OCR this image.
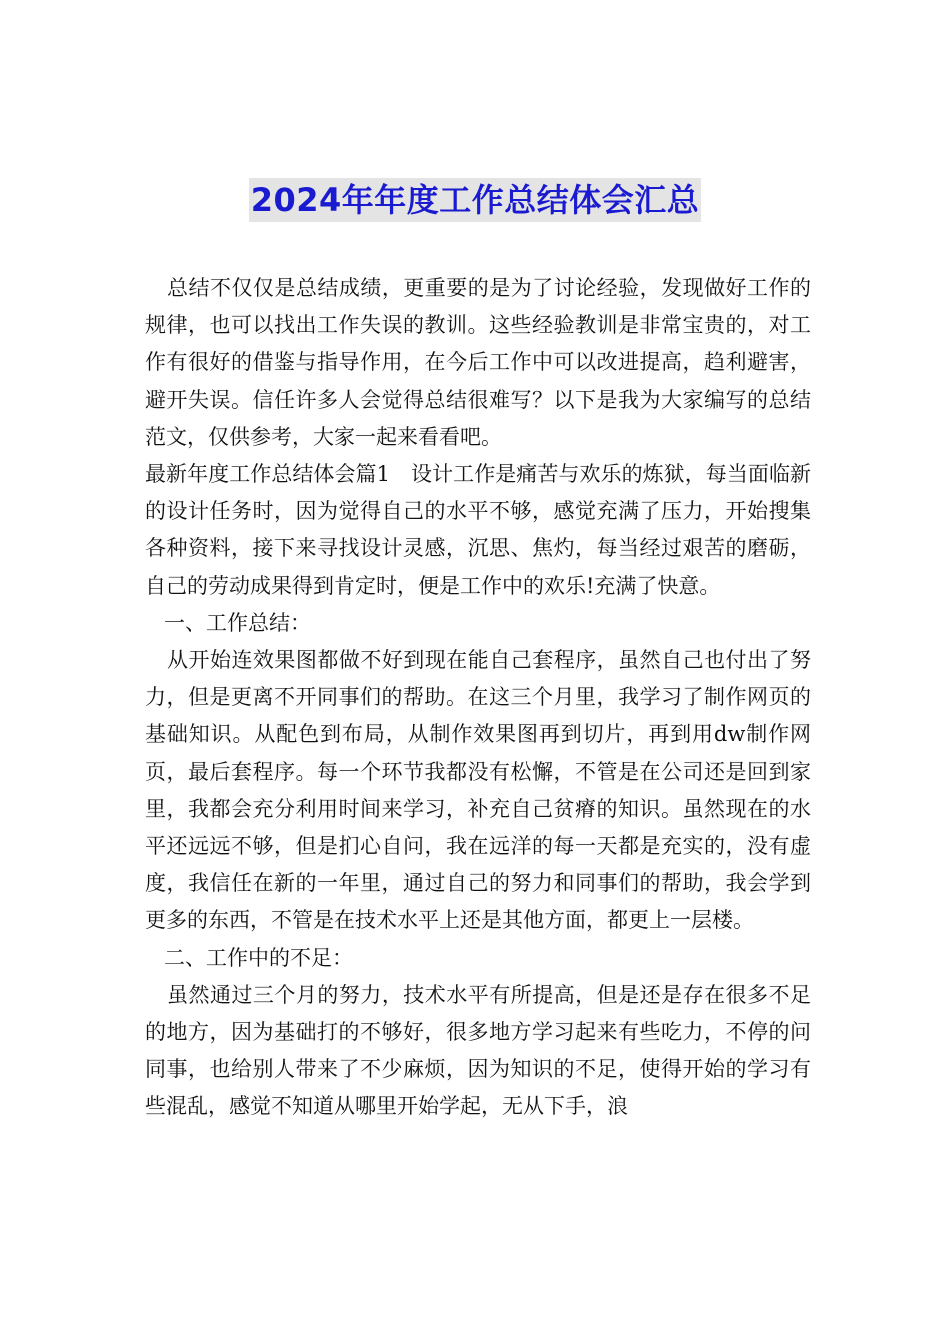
2024年年度工作总结体会汇总

总结不仅仅是总结成绩，更重要的是为了讨论经验，发现做好工作的规律，也可以找出工作失误的教训。这些经验教训是非常宝贵的，对工作有很好的借鉴与指导作用，在今后工作中可以改进提高，趋利避害，避开失误。信任许多人会觉得总结很难写？以下是我为大家编写的总结范文，仅供参考，大家一起来看看吧。

最新年度工作总结体会篇1　设计工作是痛苦与欢乐的炼狱，每当面临新的设计任务时，因为觉得自己的水平不够，感觉充满了压力，开始搜集各种资料，接下来寻找设计灵感，沉思、焦灼，每当经过艰苦的磨砺，自己的劳动成果得到肯定时，便是工作中的欢乐!充满了快意。

一、工作总结：

从开始连效果图都做不好到现在能自己套程序，虽然自己也付出了努力，但是更离不开同事们的帮助。在这三个月里，我学习了制作网页的基础知识。从配色到布局，从制作效果图再到切片，再到用dw制作网页，最后套程序。每一个环节我都没有松懈，不管是在公司还是回到家里，我都会充分利用时间来学习，补充自己贫瘠的知识。虽然现在的水平还远远不够，但是扪心自问，我在远洋的每一天都是充实的，没有虚度，我信任在新的一年里，通过自己的努力和同事们的帮助，我会学到更多的东西，不管是在技术水平上还是其他方面，都更上一层楼。

二、工作中的不足：

虽然通过三个月的努力，技术水平有所提高，但是还是存在很多不足的地方，因为基础打的不够好，很多地方学习起来有些吃力，不停的问同事，也给别人带来了不少麻烦，因为知识的不足，使得开始的学习有些混乱，感觉不知道从哪里开始学起，无从下手，浪
